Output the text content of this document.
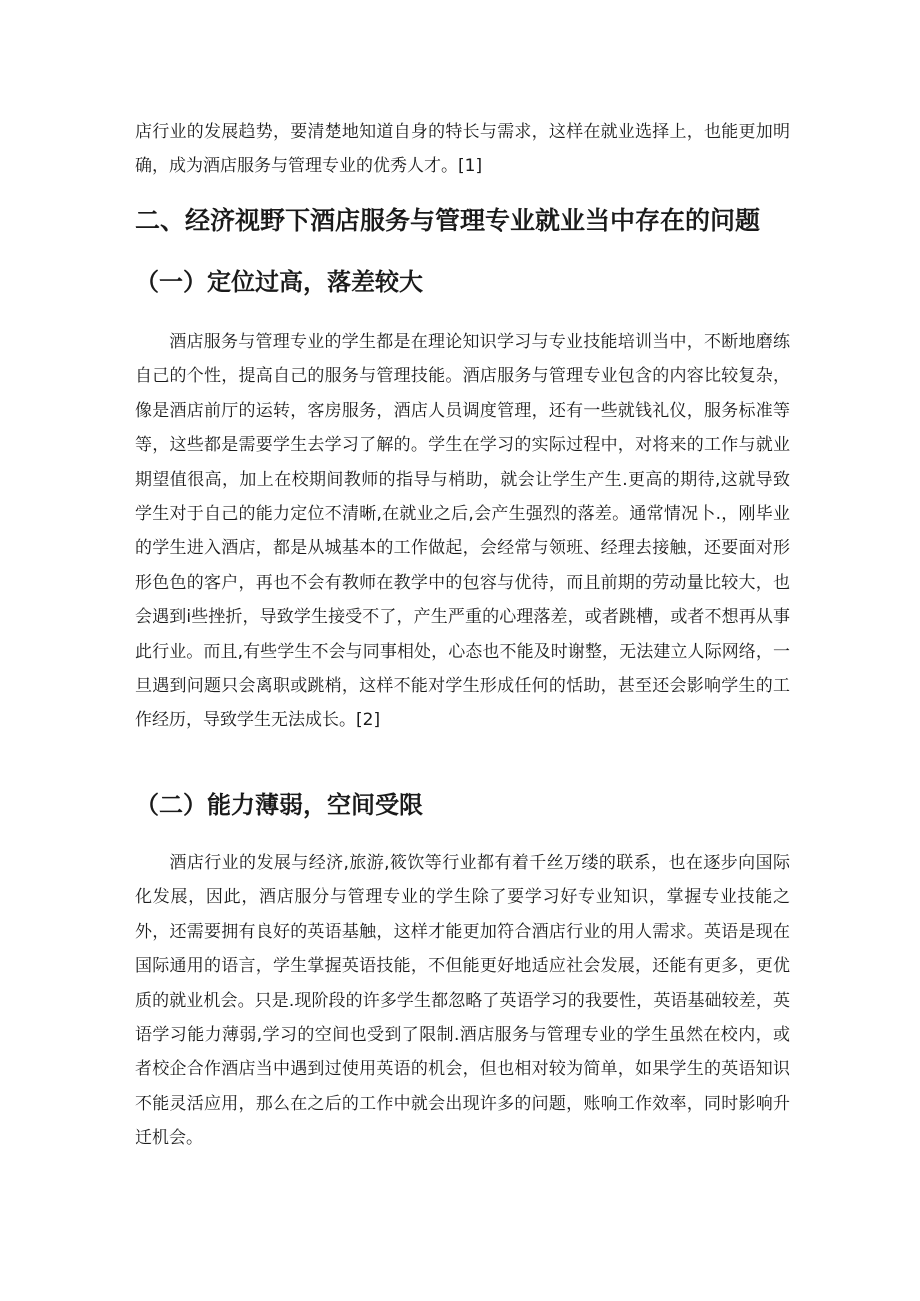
店行业的发展趋势，要清楚地知道自身的特长与需求，这样在就业选择上，也能更加明确，成为酒店服务与管理专业的优秀人才。[1]

二、经济视野下酒店服务与管理专业就业当中存在的问题
（一）定位过高，落差较大

酒店服务与管理专业的学生都是在理论知识学习与专业技能培训当中，不断地磨练自己的个性，提高自己的服务与管理技能。酒店服务与管理专业包含的内容比较复杂，像是酒店前厅的运转，客房服务，酒店人员调度管理，还有一些就钱礼仪，服务标准等等，这些都是需要学生去学习了解的。学生在学习的实际过程中，对将来的工作与就业期望值很高，加上在校期间教师的指导与梢助，就会让学生产生.更高的期待,这就导致学生对于自己的能力定位不清晰,在就业之后,会产生强烈的落差。通常情况卜.，刚毕业的学生进入酒店，都是从城基本的工作做起，会经常与领班、经理去接触，还要面对形形色色的客户，再也不会有教师在教学中的包容与优待，而且前期的劳动量比较大，也会遇到i些挫折，导致学生接受不了，产生严重的心理落差，或者跳槽，或者不想再从事此行业。而且,有些学生不会与同事相处，心态也不能及时谢整，无法建立人际网络，一旦遇到问题只会离职或跳梢，这样不能对学生形成任何的恬助，甚至还会影响学生的工作经历，导致学生无法成长。[2]

（二）能力薄弱，空间受限

酒店行业的发展与经济,旅游,筱饮等行业都有着千丝万缕的联系，也在逐步向国际化发展，因此，酒店服分与管理专业的学生除了要学习好专业知识，掌握专业技能之外，还需要拥有良好的英语基触，这样才能更加符合酒店行业的用人需求。英语是现在国际通用的语言，学生掌握英语技能，不但能更好地适应社会发展，还能有更多，更优质的就业机会。只是.现阶段的许多学生都忽略了英语学习的我要性，英语基础较差，英语学习能力薄弱,学习的空间也受到了限制.酒店服务与管理专业的学生虽然在校内，或者校企合作酒店当中遇到过使用英语的机会，但也相对较为简单，如果学生的英语知识不能灵活应用，那么在之后的工作中就会出现许多的问题，账响工作效率，同时影响升迁机会。
